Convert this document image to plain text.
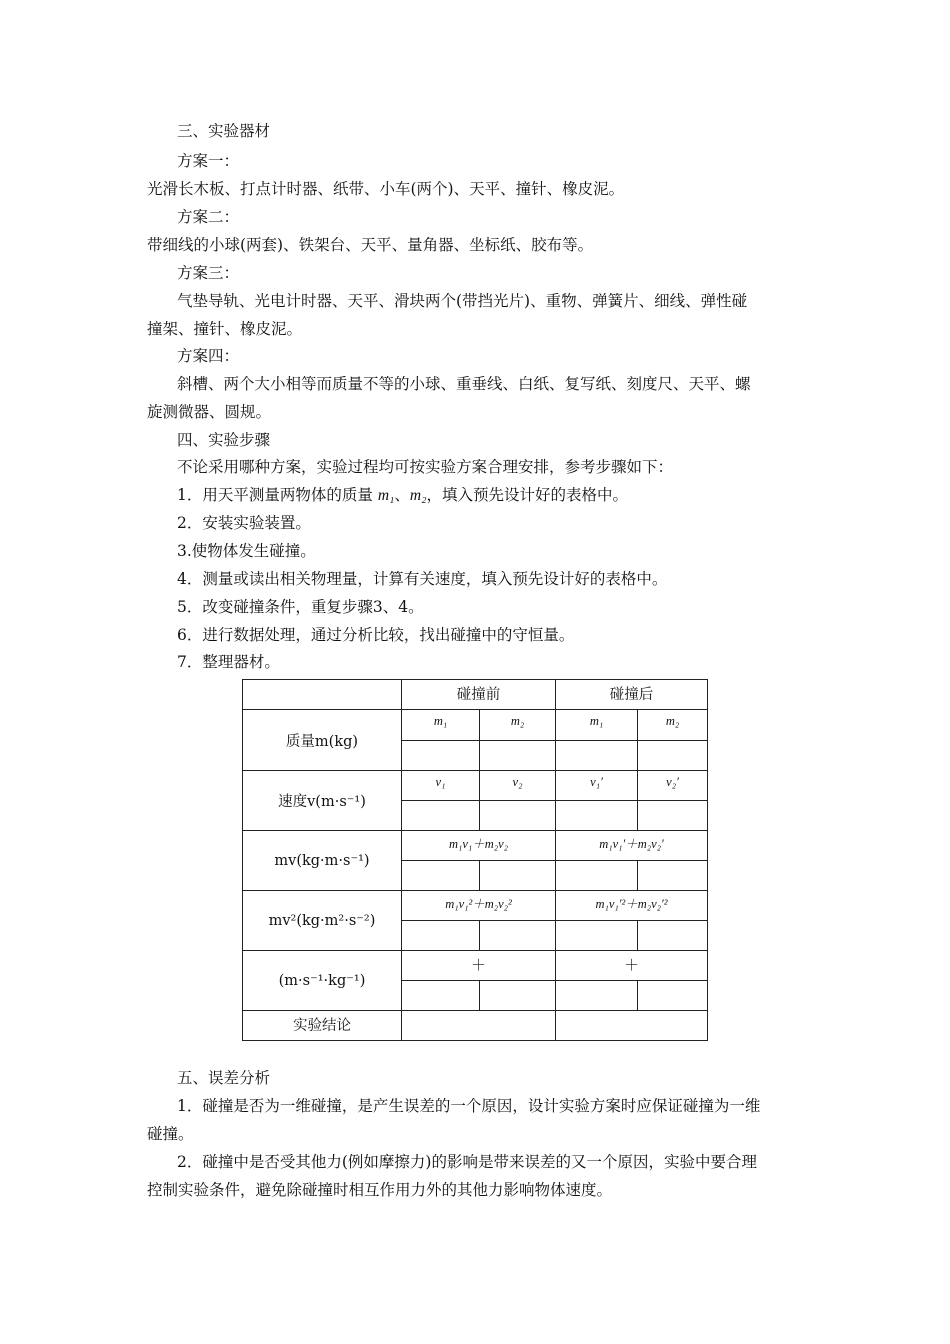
三、实验器材
方案一：
光滑长木板、打点计时器、纸带、小车(两个)、天平、撞针、橡皮泥。
方案二：
带细线的小球(两套)、铁架台、天平、量角器、坐标纸、胶布等。
方案三：
气垫导轨、光电计时器、天平、滑块两个(带挡光片)、重物、弹簧片、细线、弹性碰
撞架、撞针、橡皮泥。
方案四：
斜槽、两个大小相等而质量不等的小球、重垂线、白纸、复写纸、刻度尺、天平、螺
旋测微器、圆规。
四、实验步骤
不论采用哪种方案，实验过程均可按实验方案合理安排，参考步骤如下：
1．用天平测量两物体的质量 m₁、m₂，填入预先设计好的表格中。
2．安装实验装置。
3.使物体发生碰撞。
4．测量或读出相关物理量，计算有关速度，填入预先设计好的表格中。
5．改变碰撞条件，重复步骤3、4。
6．进行数据处理，通过分析比较，找出碰撞中的守恒量。
7．整理器材。
	碰撞前		碰撞后	
质量m(kg)	m₁	m₂	m₁	m₂

速度v(m·s⁻¹)	v₁	v₂	v₁′	v₂′

mv(kg·m·s⁻¹)	m₁v₁＋m₂v₂		m₁v₁′＋m₂v₂′	

mv²(kg·m²·s⁻²)	m₁v₁²＋m₂v₂²		m₁v₁′²＋m₂v₂′²	

(m·s⁻¹·kg⁻¹)	＋		＋	

实验结论				
五、误差分析
1．碰撞是否为一维碰撞，是产生误差的一个原因，设计实验方案时应保证碰撞为一维
碰撞。
2．碰撞中是否受其他力(例如摩擦力)的影响是带来误差的又一个原因，实验中要合理
控制实验条件，避免除碰撞时相互作用力外的其他力影响物体速度。
